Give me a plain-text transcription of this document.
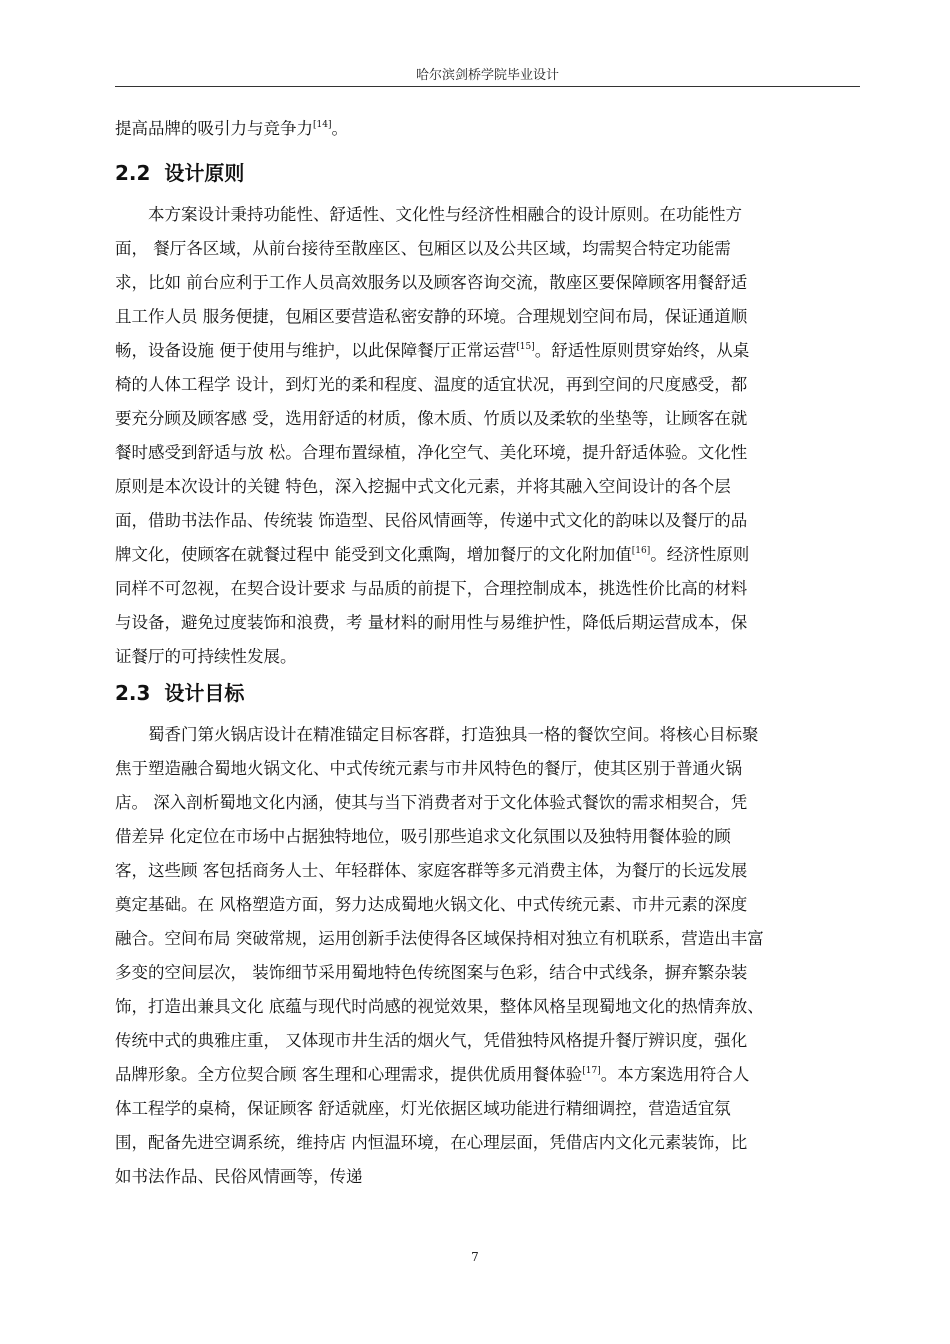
哈尔滨剑桥学院毕业设计

提高品牌的吸引力与竞争力[14]。

2.2 设计原则

本方案设计秉持功能性、舒适性、文化性与经济性相融合的设计原则。在功能性方
面， 餐厅各区域，从前台接待至散座区、包厢区以及公共区域，均需契合特定功能需
求，比如 前台应利于工作人员高效服务以及顾客咨询交流，散座区要保障顾客用餐舒适
且工作人员 服务便捷，包厢区要营造私密安静的环境。合理规划空间布局，保证通道顺
畅，设备设施 便于使用与维护，以此保障餐厅正常运营[15]。舒适性原则贯穿始终，从桌
椅的人体工程学 设计，到灯光的柔和程度、温度的适宜状况，再到空间的尺度感受，都
要充分顾及顾客感 受，选用舒适的材质，像木质、竹质以及柔软的坐垫等，让顾客在就
餐时感受到舒适与放 松。合理布置绿植，净化空气、美化环境，提升舒适体验。文化性
原则是本次设计的关键 特色，深入挖掘中式文化元素，并将其融入空间设计的各个层
面，借助书法作品、传统装 饰造型、民俗风情画等，传递中式文化的韵味以及餐厅的品
牌文化，使顾客在就餐过程中 能受到文化熏陶，增加餐厅的文化附加值[16]。经济性原则
同样不可忽视，在契合设计要求 与品质的前提下，合理控制成本，挑选性价比高的材料
与设备，避免过度装饰和浪费，考 量材料的耐用性与易维护性，降低后期运营成本，保
证餐厅的可持续性发展。

2.3 设计目标

蜀香门第火锅店设计在精准锚定目标客群，打造独具一格的餐饮空间。将核心目标聚
焦于塑造融合蜀地火锅文化、中式传统元素与市井风特色的餐厅，使其区别于普通火锅
店。 深入剖析蜀地文化内涵，使其与当下消费者对于文化体验式餐饮的需求相契合，凭
借差异 化定位在市场中占据独特地位，吸引那些追求文化氛围以及独特用餐体验的顾
客，这些顾 客包括商务人士、年轻群体、家庭客群等多元消费主体，为餐厅的长远发展
奠定基础。在 风格塑造方面，努力达成蜀地火锅文化、中式传统元素、市井元素的深度
融合。空间布局 突破常规，运用创新手法使得各区域保持相对独立有机联系，营造出丰富
多变的空间层次， 装饰细节采用蜀地特色传统图案与色彩，结合中式线条，摒弃繁杂装
饰，打造出兼具文化 底蕴与现代时尚感的视觉效果，整体风格呈现蜀地文化的热情奔放、
传统中式的典雅庄重， 又体现市井生活的烟火气，凭借独特风格提升餐厅辨识度，强化
品牌形象。全方位契合顾 客生理和心理需求，提供优质用餐体验[17]。本方案选用符合人
体工程学的桌椅，保证顾客 舒适就座，灯光依据区域功能进行精细调控，营造适宜氛
围，配备先进空调系统，维持店 内恒温环境，在心理层面，凭借店内文化元素装饰，比
如书法作品、民俗风情画等，传递

7
